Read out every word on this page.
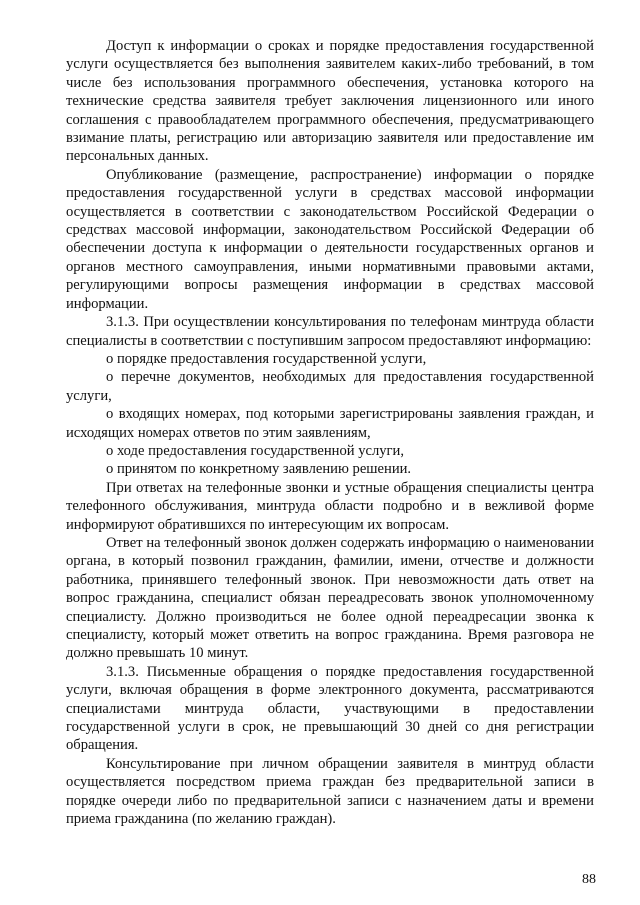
Доступ к информации о сроках и порядке предоставления государственной услуги осуществляется без выполнения заявителем каких-либо требований, в том числе без использования программного обеспечения, установка которого на технические средства заявителя требует заключения лицензионного или иного соглашения с правообладателем программного обеспечения, предусматривающего взимание платы, регистрацию или авторизацию заявителя или предоставление им персональных данных.

Опубликование (размещение, распространение) информации о порядке предоставления государственной услуги в средствах массовой информации осуществляется в соответствии с законодательством Российской Федерации о средствах массовой информации, законодательством Российской Федерации об обеспечении доступа к информации о деятельности государственных органов и органов местного самоуправления, иными нормативными правовыми актами, регулирующими вопросы размещения информации в средствах массовой информации.

3.1.3. При осуществлении консультирования по телефонам минтруда области специалисты в соответствии с поступившим запросом предоставляют информацию:

о порядке предоставления государственной услуги,

о перечне документов, необходимых для предоставления государственной услуги,

о входящих номерах, под которыми зарегистрированы заявления граждан, и исходящих номерах ответов по этим заявлениям,

о ходе предоставления государственной услуги,

о принятом по конкретному заявлению решении.

При ответах на телефонные звонки и устные обращения специалисты центра телефонного обслуживания, минтруда области подробно и в вежливой форме информируют обратившихся по интересующим их вопросам.

Ответ на телефонный звонок должен содержать информацию о наименовании органа, в который позвонил гражданин, фамилии, имени, отчестве и должности работника, принявшего телефонный звонок. При невозможности дать ответ на вопрос гражданина, специалист обязан переадресовать звонок уполномоченному специалисту. Должно производиться не более одной переадресации звонка к специалисту, который может ответить на вопрос гражданина. Время разговора не должно превышать 10 минут.

3.1.3. Письменные обращения о порядке предоставления государственной услуги, включая обращения в форме электронного документа, рассматриваются специалистами минтруда области, участвующими в предоставлении государственной услуги в срок, не превышающий 30 дней со дня регистрации обращения.

Консультирование при личном обращении заявителя в минтруд области осуществляется посредством приема граждан без предварительной записи в порядке очереди либо по предварительной записи с назначением даты и времени приема гражданина (по желанию граждан).

88
